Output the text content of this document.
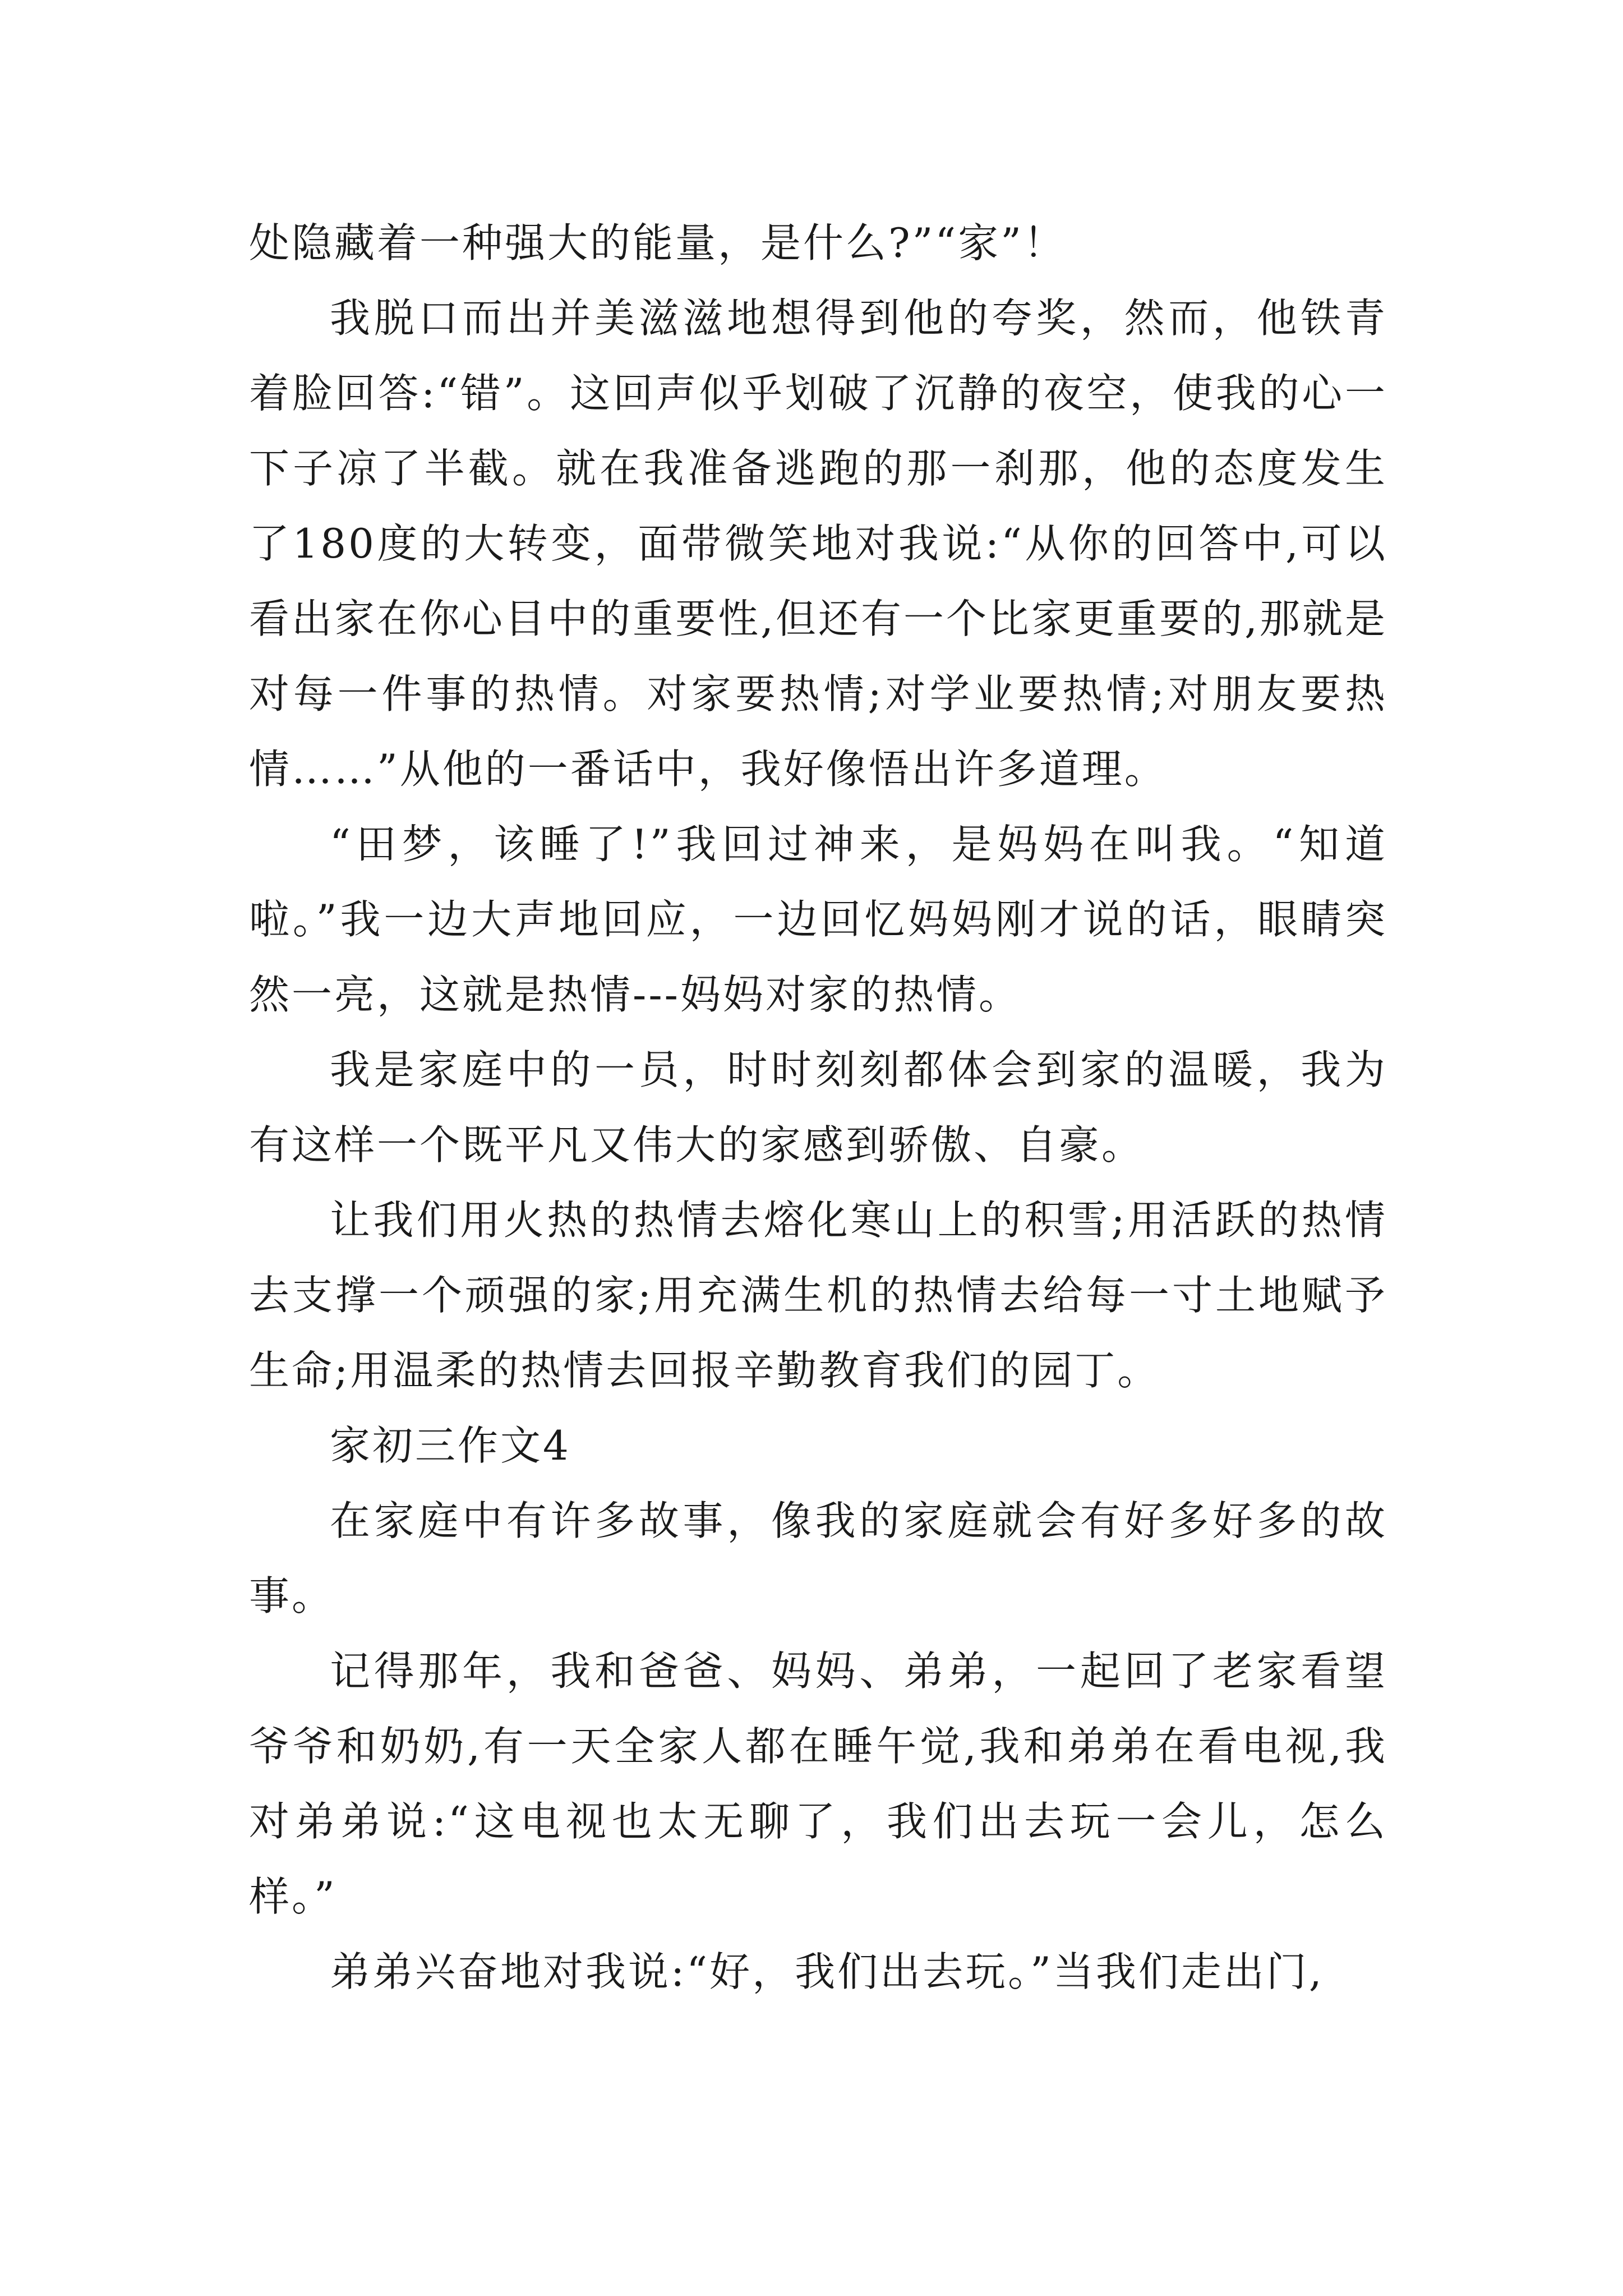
处隐藏着一种强大的能量，是什么?”“家”！

我脱口而出并美滋滋地想得到他的夸奖，然而，他铁青着脸回答:“错”。这回声似乎划破了沉静的夜空，使我的心一下子凉了半截。就在我准备逃跑的那一刹那，他的态度发生了180度的大转变，面带微笑地对我说:“从你的回答中,可以看出家在你心目中的重要性,但还有一个比家更重要的,那就是对每一件事的热情。对家要热情;对学业要热情;对朋友要热情……”从他的一番话中，我好像悟出许多道理。

“田梦，该睡了!”我回过神来，是妈妈在叫我。“知道啦。”我一边大声地回应，一边回忆妈妈刚才说的话，眼睛突然一亮，这就是热情---妈妈对家的热情。

我是家庭中的一员，时时刻刻都体会到家的温暖，我为有这样一个既平凡又伟大的家感到骄傲、自豪。

让我们用火热的热情去熔化寒山上的积雪;用活跃的热情去支撑一个顽强的家;用充满生机的热情去给每一寸土地赋予生命;用温柔的热情去回报辛勤教育我们的园丁。

家初三作文4

在家庭中有许多故事，像我的家庭就会有好多好多的故事。

记得那年，我和爸爸、妈妈、弟弟，一起回了老家看望爷爷和奶奶,有一天全家人都在睡午觉,我和弟弟在看电视,我对弟弟说:“这电视也太无聊了，我们出去玩一会儿，怎么样。”

弟弟兴奋地对我说:“好，我们出去玩。”当我们走出门,
